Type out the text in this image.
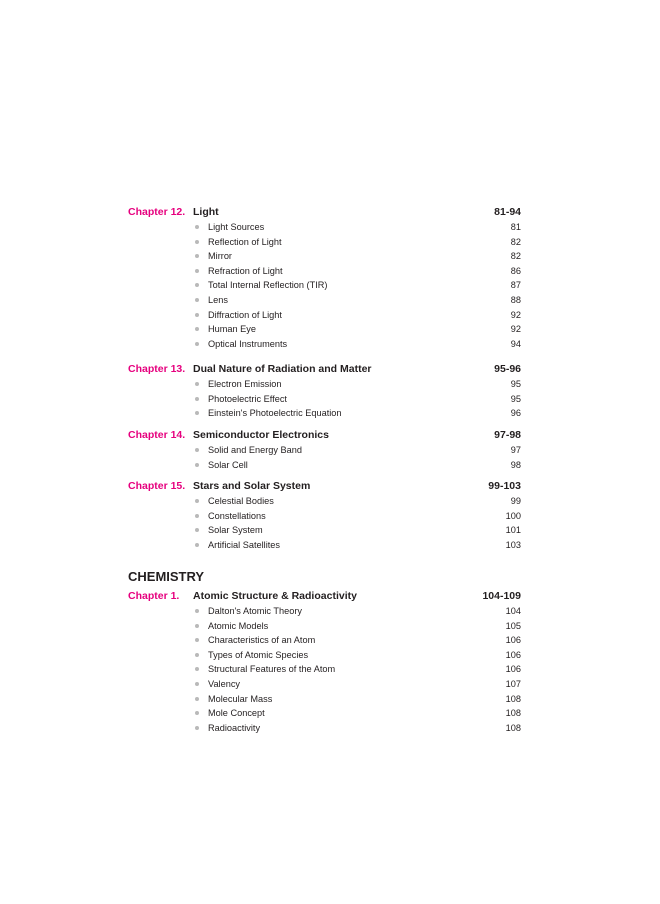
CHEMISTRY
Chapter 12. Light	81-94
Light Sources	81
Reflection of Light	82
Mirror	82
Refraction of Light	86
Total Internal Reflection (TIR)	87
Lens	88
Diffraction of Light	92
Human Eye	92
Optical Instruments	94
Chapter 13. Dual Nature of Radiation and Matter	95-96
Electron Emission	95
Photoelectric Effect	95
Einstein's Photoelectric Equation	96
Chapter 14. Semiconductor Electronics	97-98
Solid and Energy Band	97
Solar Cell	98
Chapter 15. Stars and Solar System	99-103
Celestial Bodies	99
Constellations	100
Solar System	101
Artificial Satellites	103
Chapter 1. Atomic Structure & Radioactivity	104-109
Dalton's Atomic Theory	104
Atomic Models	105
Characteristics of an Atom	106
Types of Atomic Species	106
Structural Features of the Atom	106
Valency	107
Molecular Mass	108
Mole Concept	108
Radioactivity	108
